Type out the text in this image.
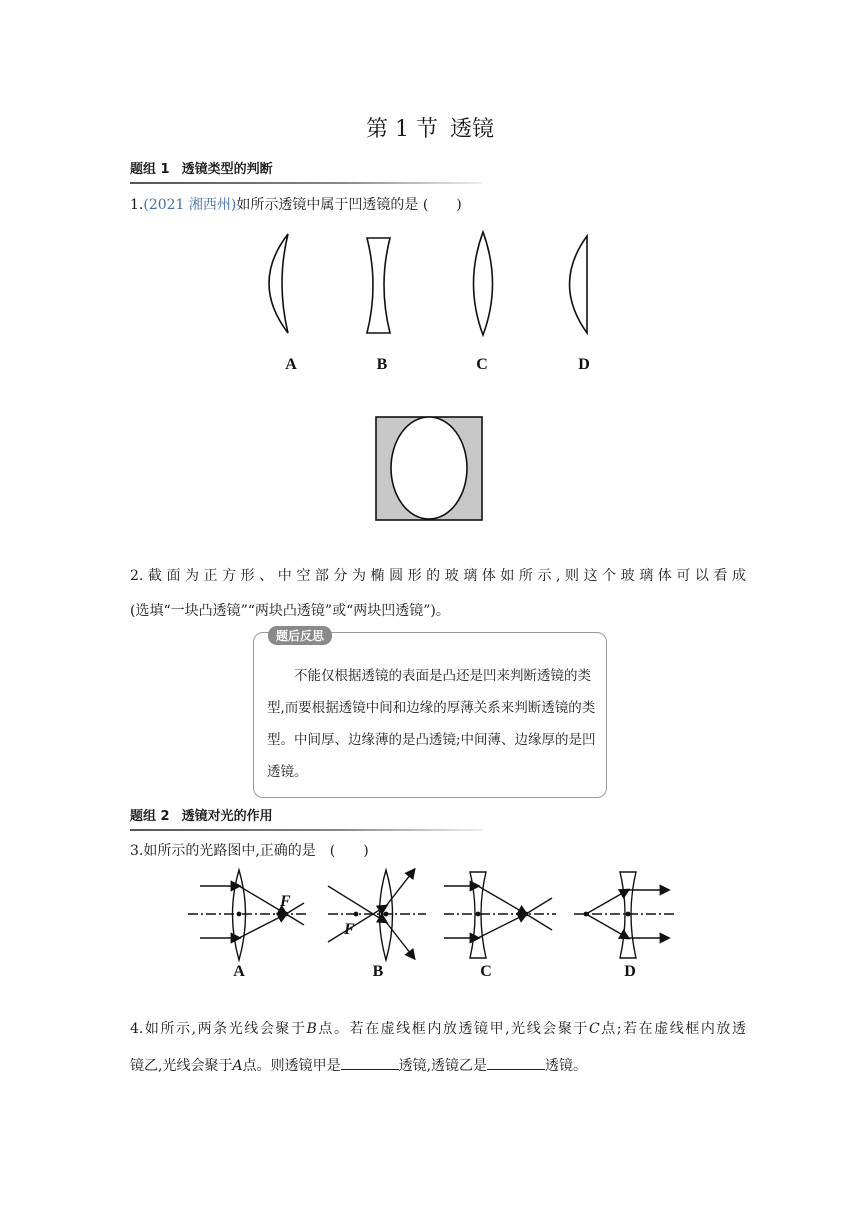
第 1 节 透镜
题组 1 透镜类型的判断
1.(2021 湘西州)如所示透镜中属于凹透镜的是 (　　)
A	B	C	D
2.截面为正方形、中空部分为椭圆形的玻璃体如所示,则这个玻璃体可以看成
(选填“一块凸透镜”“两块凸透镜”或“两块凹透镜”)。
题后反思

不能仅根据透镜的表面是凸还是凹来判断透镜的类型,而要根据透镜中间和边缘的厚薄关系来判断透镜的类型。中间厚、边缘薄的是凸透镜;中间薄、边缘厚的是凹透镜。

题组 2 透镜对光的作用
3.如所示的光路图中,正确的是　(　　)
F
F
A	B	C	D
4.如所示,两条光线会聚于B点。若在虚线框内放透镜甲,光线会聚于C点;若在虚线框内放透
镜乙,光线会聚于A点。则透镜甲是	透镜,透镜乙是	透镜。
